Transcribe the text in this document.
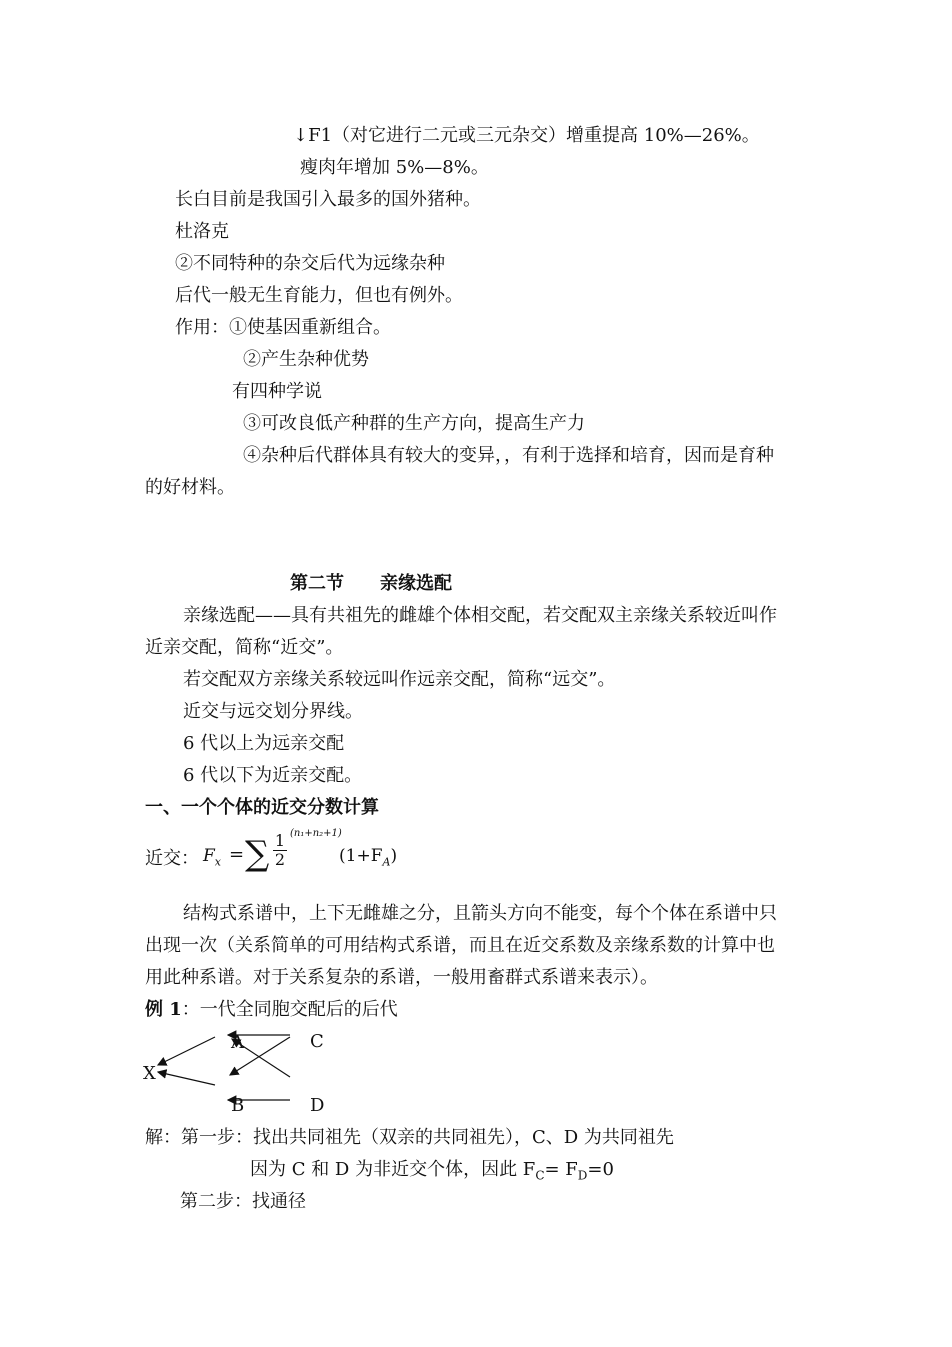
↓F1（对它进行二元或三元杂交）增重提高 10%—26%。
瘦肉年增加 5%—8%。
长白目前是我国引入最多的国外猪种。
杜洛克
②不同特种的杂交后代为远缘杂种
后代一般无生育能力，但也有例外。
作用：①使基因重新组合。
②产生杂种优势
有四种学说
③可改良低产种群的生产方向，提高生产力
④杂种后代群体具有较大的变异，，有利于选择和培育，因而是育种
的好材料。
第二节　　亲缘选配
亲缘选配——具有共祖先的雌雄个体相交配，若交配双主亲缘关系较近叫作
近亲交配，简称“近交”。
若交配双方亲缘关系较远叫作远亲交配，简称“远交”。
近交与远交划分界线。
6 代以上为远亲交配
6 代以下为近亲交配。
一、一个个体的近交分数计算
近交： $F_x$ = ∑ 1
2
(n₁+n₂+1)
$(1+F_A)$
结构式系谱中，上下无雌雄之分，且箭头方向不能变，每个个体在系谱中只
出现一次（关系简单的可用结构式系谱，而且在近交系数及亲缘系数的计算中也
用此种系谱。对于关系复杂的系谱，一般用畜群式系谱来表示）。
例 1：一代全同胞交配后的后代
X
A
B
C
D
解：第一步：找出共同祖先（双亲的共同祖先），C、D 为共同祖先
因为 C 和 D 为非近交个体，因此 $F_C= F_D=0$
第二步：找通径
